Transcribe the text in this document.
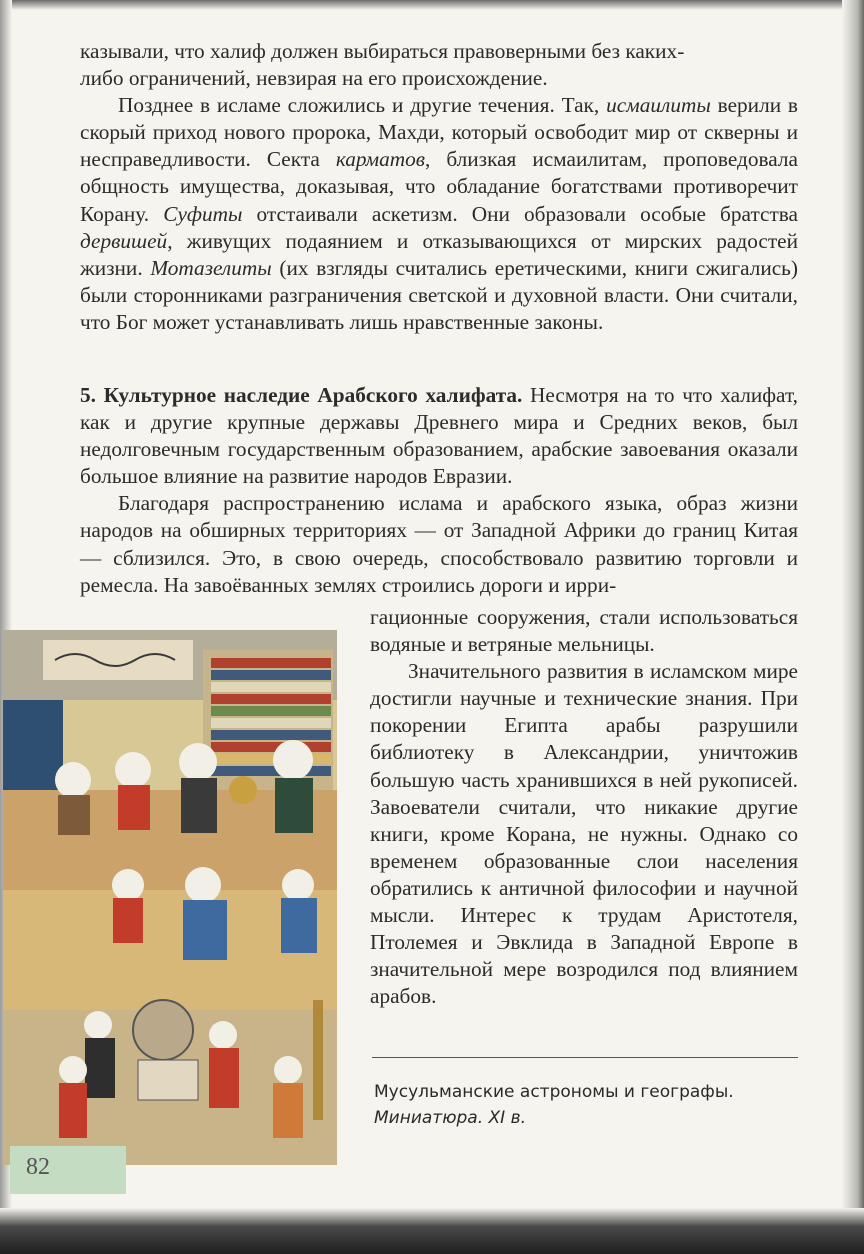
казывали, что халиф должен выбираться правоверными без каких-
либо ограничений, невзирая на его происхождение.

Позднее в исламе сложились и другие течения. Так, исмаилиты верили в скорый приход нового пророка, Махди, который освободит мир от скверны и несправедливости. Секта карматов, близкая исмаилитам, проповедовала общность имущества, доказывая, что обладание богатствами противоречит Корану. Суфиты отстаивали аскетизм. Они образовали особые братства дервишей, живущих подаянием и отказывающихся от мирских радостей жизни. Мотазелиты (их взгляды считались еретическими, книги сжигались) были сторонниками разграничения светской и духовной власти. Они считали, что Бог может устанавливать лишь нравственные законы.

5. Культурное наследие Арабского халифата. Несмотря на то что халифат, как и другие крупные державы Древнего мира и Средних веков, был недолговечным государственным образованием, арабские завоевания оказали большое влияние на развитие народов Евразии.

Благодаря распространению ислама и арабского языка, образ жизни народов на обширных территориях — от Западной Африки до границ Китая — сблизился. Это, в свою очередь, способствовало развитию торговли и ремесла. На завоёванных землях строились дороги и ирри-

гационные сооружения, стали использоваться водяные и ветряные мельницы.

Значительного развития в исламском мире достигли научные и технические знания. При покорении Египта арабы разрушили библиотеку в Александрии, уничтожив большую часть хранившихся в ней рукописей. Завоеватели считали, что никакие другие книги, кроме Корана, не нужны. Однако со временем образованные слои населения обратились к античной философии и научной мысли. Интерес к трудам Аристотеля, Птолемея и Эвклида в Западной Европе в значительной мере возродился под влиянием арабов.

Мусульманские астрономы и географы.
Миниатюра. XI в.
82
